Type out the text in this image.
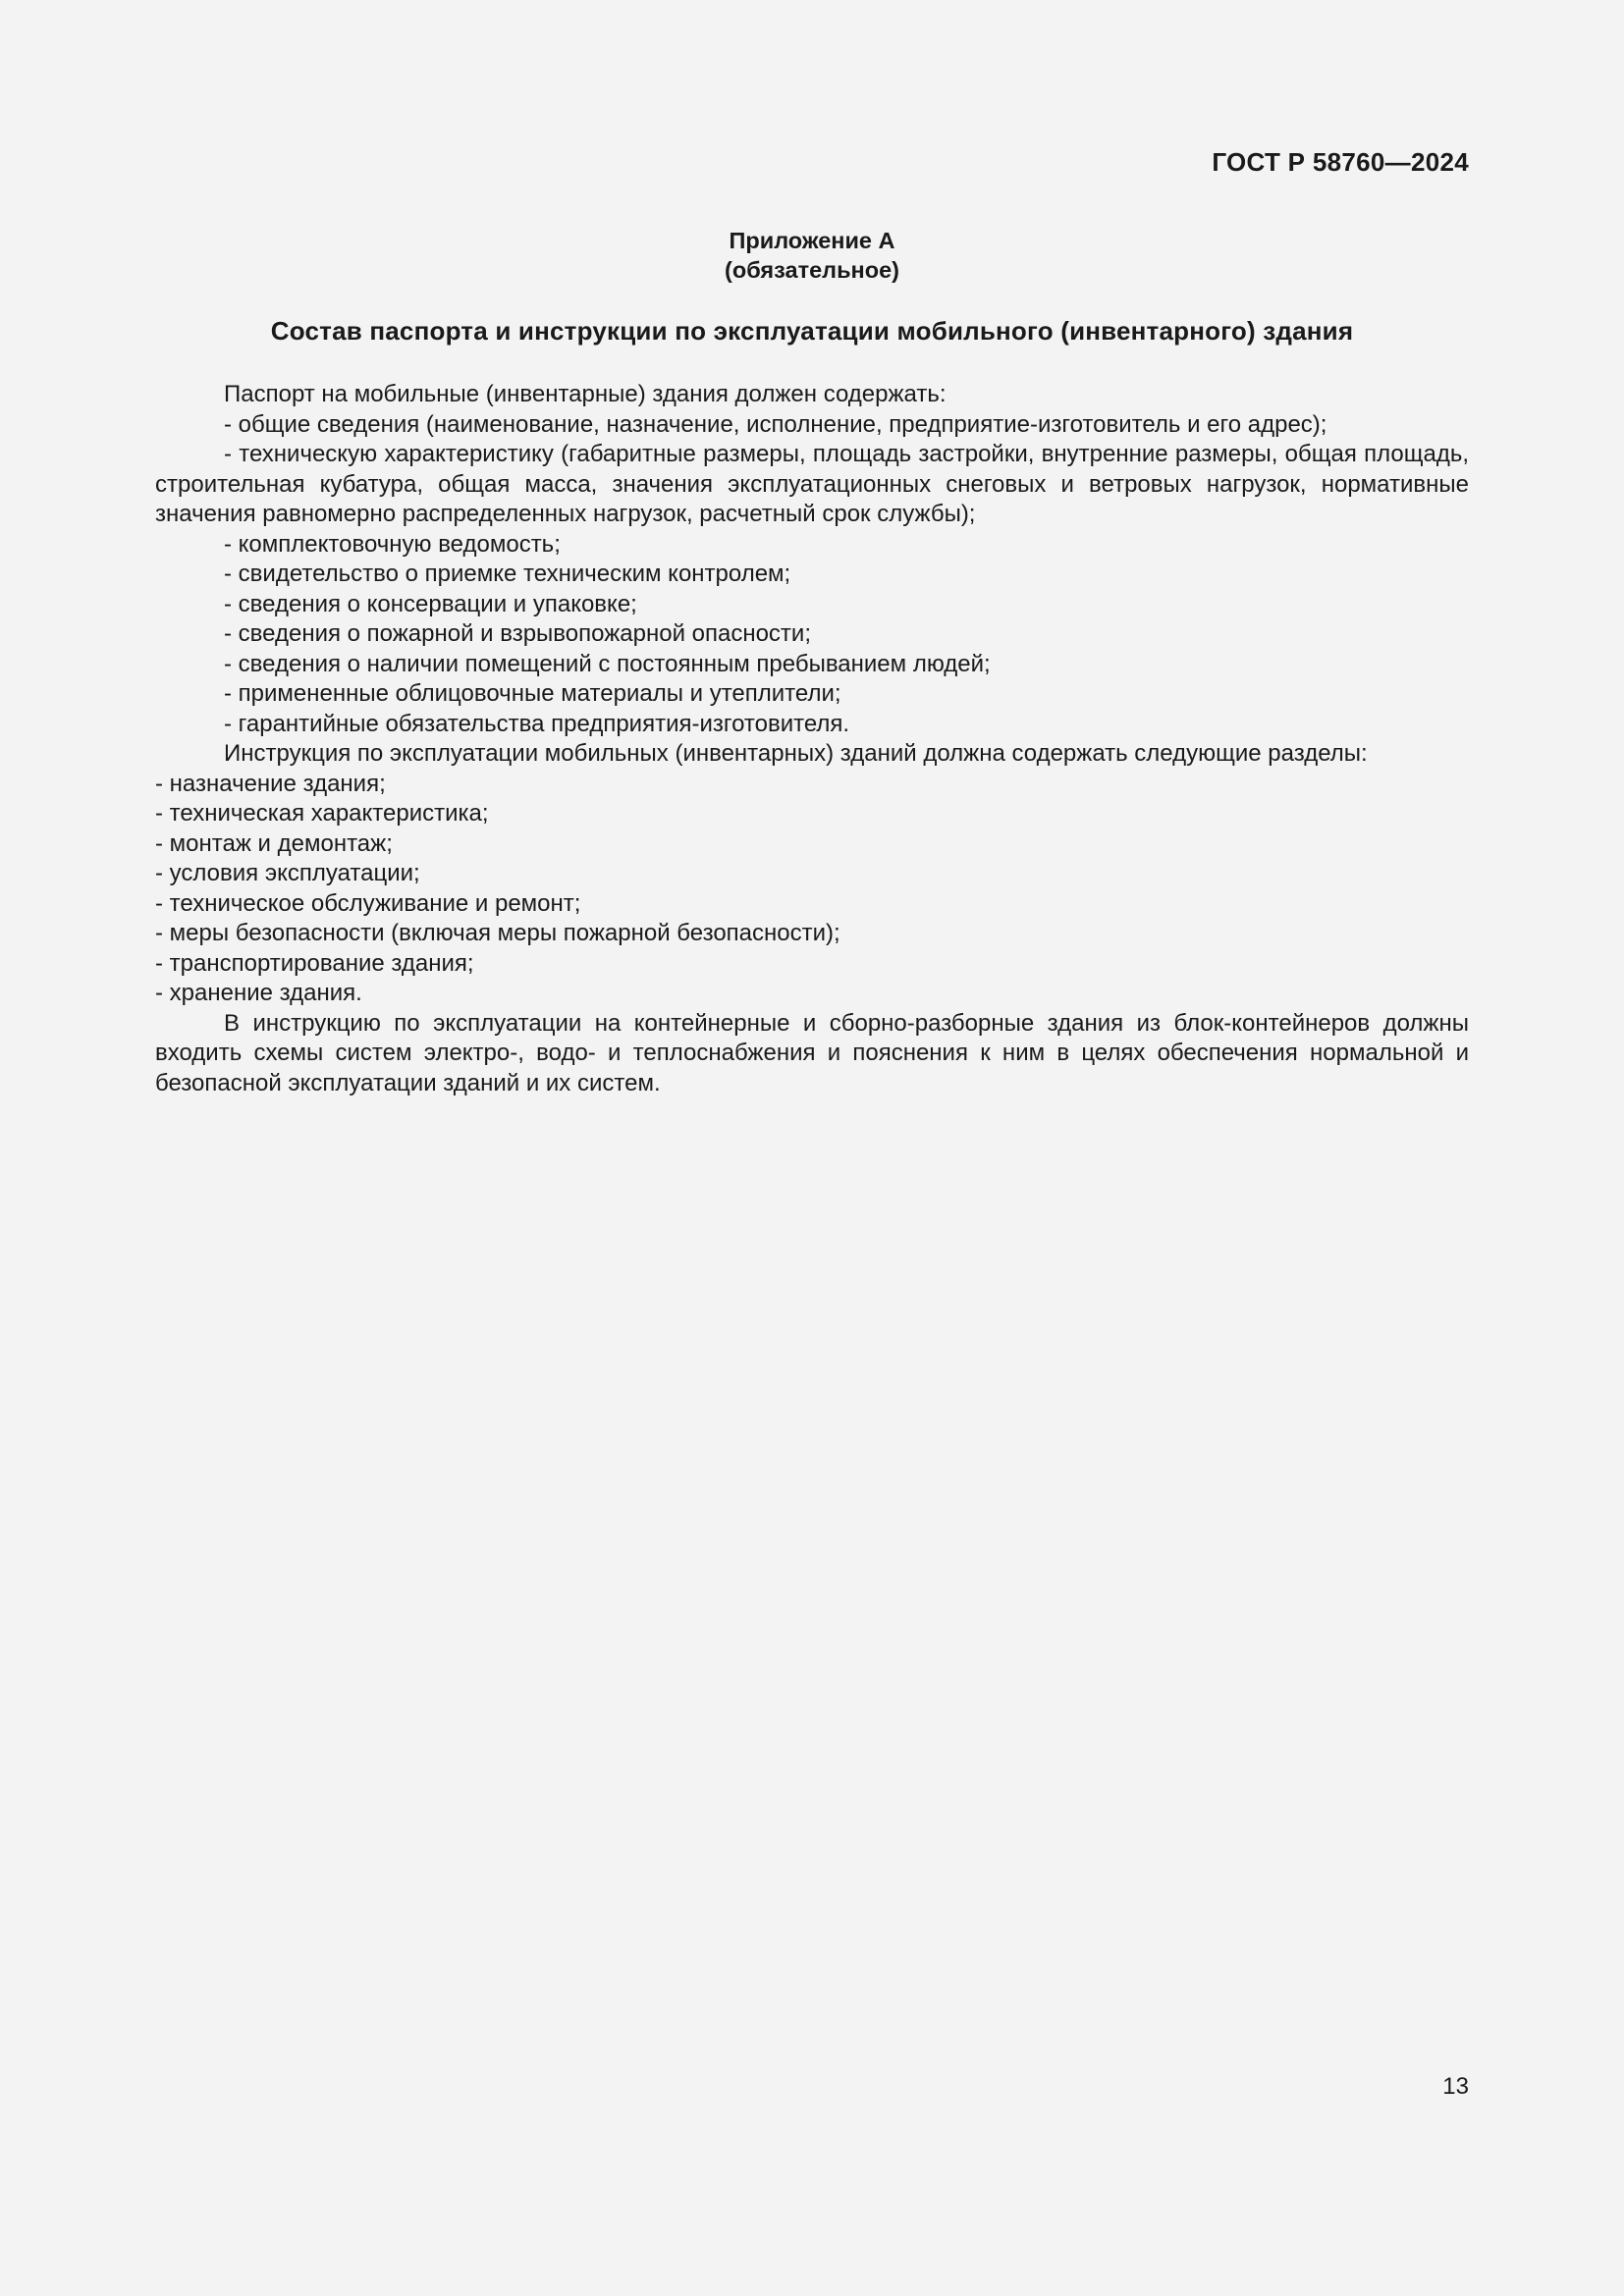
ГОСТ Р 58760—2024
Приложение А
(обязательное)
Состав паспорта и инструкции по эксплуатации мобильного (инвентарного) здания

Паспорт на мобильные (инвентарные) здания должен содержать:

- общие сведения (наименование, назначение, исполнение, предприятие-изготовитель и его адрес);

- техническую характеристику (габаритные размеры, площадь застройки, внутренние размеры, общая площадь, строительная кубатура, общая масса, значения эксплуатационных снеговых и ветровых нагрузок, нормативные значения равномерно распределенных нагрузок, расчетный срок службы);

- комплектовочную ведомость;

- свидетельство о приемке техническим контролем;

- сведения о консервации и упаковке;

- сведения о пожарной и взрывопожарной опасности;

- сведения о наличии помещений с постоянным пребыванием людей;

- примененные облицовочные материалы и утеплители;

- гарантийные обязательства предприятия-изготовителя.

Инструкция по эксплуатации мобильных (инвентарных) зданий должна содержать следующие разделы:

- назначение здания;

- техническая характеристика;

- монтаж и демонтаж;

- условия эксплуатации;

- техническое обслуживание и ремонт;

- меры безопасности (включая меры пожарной безопасности);

- транспортирование здания;

- хранение здания.

В инструкцию по эксплуатации на контейнерные и сборно-разборные здания из блок-контейнеров должны входить схемы систем электро-, водо- и теплоснабжения и пояснения к ним в целях обеспечения нормальной и безопасной эксплуатации зданий и их систем.

13
